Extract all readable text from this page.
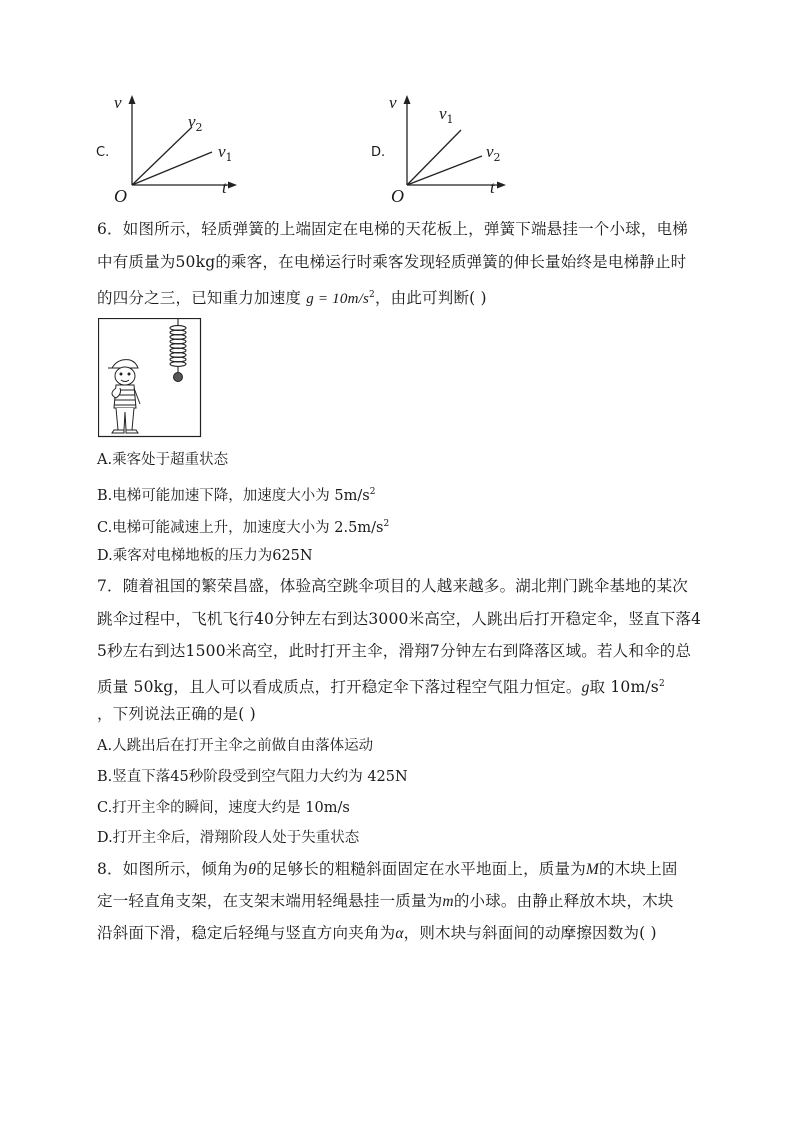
C.
v
t
O
$v_2$
$v_1$	D.
v
t
O
$v_1$
$v_2$
6．如图所示，轻质弹簧的上端固定在电梯的天花板上，弹簧下端悬挂一个小球，电梯
中有质量为50kg的乘客，在电梯运行时乘客发现轻质弹簧的伸长量始终是电梯静止时
的四分之三，已知重力加速度 $g = 10m/s^2$，由此可判断( )
A.乘客处于超重状态
B.电梯可能加速下降，加速度大小为 $5m/s^2$
C.电梯可能减速上升，加速度大小为 $2.5m/s^2$
D.乘客对电梯地板的压力为625N
7．随着祖国的繁荣昌盛，体验高空跳伞项目的人越来越多。湖北荆门跳伞基地的某次
跳伞过程中，飞机飞行40分钟左右到达3000米高空，人跳出后打开稳定伞，竖直下落4
5秒左右到达1500米高空，此时打开主伞，滑翔7分钟左右到降落区域。若人和伞的总
质量 50kg，且人可以看成质点，打开稳定伞下落过程空气阻力恒定。g取 $10m/s^2$
，下列说法正确的是( )
A.人跳出后在打开主伞之前做自由落体运动
B.竖直下落45秒阶段受到空气阻力大约为 425N
C.打开主伞的瞬间，速度大约是 10m/s
D.打开主伞后，滑翔阶段人处于失重状态
8．如图所示，倾角为θ的足够长的粗糙斜面固定在水平地面上，质量为M的木块上固
定一轻直角支架，在支架末端用轻绳悬挂一质量为m的小球。由静止释放木块，木块
沿斜面下滑，稳定后轻绳与竖直方向夹角为α，则木块与斜面间的动摩擦因数为( )
